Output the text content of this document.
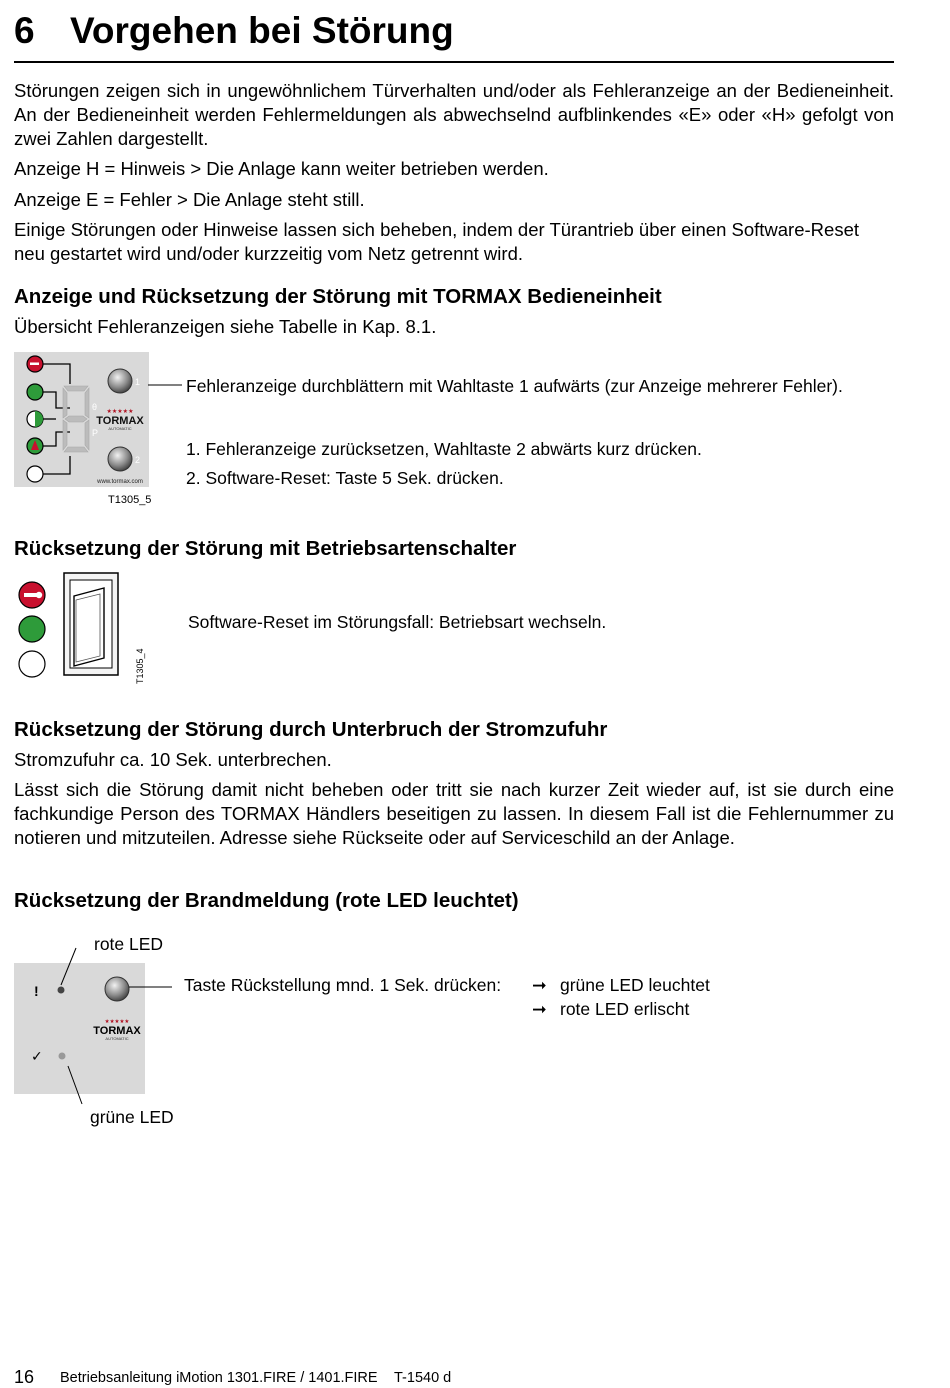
6 Vorgehen bei Störung
Störungen zeigen sich in ungewöhnlichem Türverhalten und/oder als Fehleranzeige an der Bedieneinheit. An der Bedieneinheit werden Fehlermeldungen als abwechselnd aufblinkendes «E» oder «H» gefolgt von zwei Zahlen dargestellt.
Anzeige H = Hinweis > Die Anlage kann weiter betrieben werden.
Anzeige E = Fehler > Die Anlage steht still.
Einige Störungen oder Hinweise lassen sich beheben, indem der Türantrieb über einen Software-Reset neu gestartet wird und/oder kurzzeitig vom Netz getrennt wird.
Anzeige und Rücksetzung der Störung mit TORMAX Bedieneinheit
Übersicht Fehleranzeigen siehe Tabelle in Kap. 8.1.
θ
P
1
2
★★★★★
TORMAX
AUTOMATIC
www.tormax.com
T1305_5
Fehleranzeige durchblättern mit Wahltaste 1 aufwärts (zur Anzeige mehrerer Fehler).
1. Fehleranzeige zurücksetzen, Wahltaste 2 abwärts kurz drücken.
2. Software-Reset: Taste 5 Sek. drücken.
Rücksetzung der Störung mit Betriebsartenschalter
T1305_4
Software-Reset im Störungsfall: Betriebsart wechseln.
Rücksetzung der Störung durch Unterbruch der Stromzufuhr
Stromzufuhr ca. 10 Sek. unterbrechen.
Lässt sich die Störung damit nicht beheben oder tritt sie nach kurzer Zeit wieder auf, ist sie durch eine fachkundige Person des TORMAX Händlers beseitigen zu lassen. In diesem Fall ist die Fehlernummer zu notieren und mitzuteilen. Adresse siehe Rückseite oder auf Serviceschild an der Anlage.
Rücksetzung der Brandmeldung (rote LED leuchtet)
!
✓
★★★★★
TORMAX
AUTOMATIC
rote LED
grüne LED
Taste Rückstellung mnd. 1 Sek. drücken: ➞ grüne LED leuchtet
➞ rote LED erlischt
16 Betriebsanleitung iMotion 1301.FIRE / 1401.FIRE T-1540 d
